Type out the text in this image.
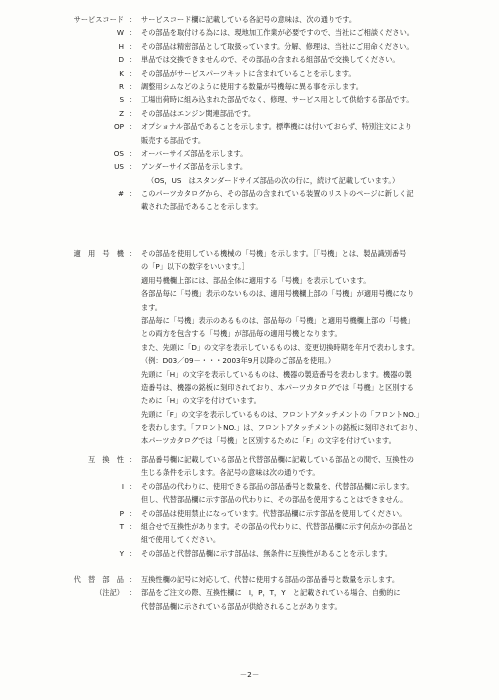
サービスコード ： サービスコード欄に記載している各記号の意味は、次の通りです。
W ： その部品を取付ける為には、現地加工作業が必要ですので、当社にご相談ください。
H ： その部品は精密部品として取扱っています。分解、修理は、当社にご用命ください。
D ： 単品では交換できませんので、その部品の含まれる組部品で交換してください。
K ： その部品がサービスパーツキットに含まれていることを示します。
R ： 調整用シムなどのように使用する数量が号機毎に異る事を示します。
S ： 工場出荷時に組み込まれた部品でなく、修理、サービス用として供給する部品です。
Z ： その部品はエンジン関連部品です。
OP ： オプショナル部品であることを示します。標準機には付いておらず、特別注文により
販売する部品です。
OS ： オーバーサイズ部品を示します。
US ： アンダーサイズ部品を示します。
（OS，US　はスタンダードサイズ部品の次の行に，続けて記載しています。）
# ： このパーツカタログから、その部品の含まれている装置のリストのページに新しく記
載された部品であることを示します。
適　用　号　機 ： その部品を使用している機械の「号機」を示します。［「号機」とは、製品識別番号
の「P」以下の数字をいいます。］
適用号機欄上部には、部品全体に適用する「号機」を表示しています。
各部品毎に「号機」表示のないものは、適用号機欄上部の「号機」が適用号機になり
ます。
部品毎に「号機」表示のあるものは、部品毎の「号機」と適用号機欄上部の「号機」
との両方を包含する「号機」が部品毎の適用号機となります。
また、先頭に「D」の文字を表示しているものは、変更切換時期を年月で表わします。
（例：D03／09－・・・2003年9月以降のご部品を使用。）
先頭に「H」の文字を表示しているものは、機器の製造番号を表わします。機器の製
造番号は、機器の銘板に刻印されており、本パーツカタログでは「号機」と区別する
ために「H」の文字を付けています。
先頭に「F」の文字を表示しているものは、フロントアタッチメントの「フロントNO.」
を表わします。「フロントNO.」は、フロントアタッチメントの銘板に刻印されており、
本パーツカタログでは「号機」と区別するために「F」の文字を付けています。
互　換　性 ： 部品番号欄に記載している部品と代替部品欄に記載している部品との間で、互換性の
生じる条件を示します。各記号の意味は次の通りです。
I ： その部品の代わりに、使用できる部品の部品番号と数量を、代替部品欄に示します。
但し、代替部品欄に示す部品の代わりに、その部品を使用することはできません。
P ： その部品は使用禁止になっています。代替部品欄に示す部品を使用してください。
T ： 組合せで互換性があります。その部品の代わりに、代替部品欄に示す何点かの部品と
組で使用してください。
Y ： その部品と代替部品欄に示す部品は、無条件に互換性があることを示します。
代　替　部　品 ： 互換性欄の記号に対応して、代替に使用する部品の部品番号と数量を示します。
（注記） ： 部品をご注文の際、互換性欄に　I，P，T，Y　と記載されている場合、自動的に
代替部品欄に示されている部品が供給されることがあります。
－2－
